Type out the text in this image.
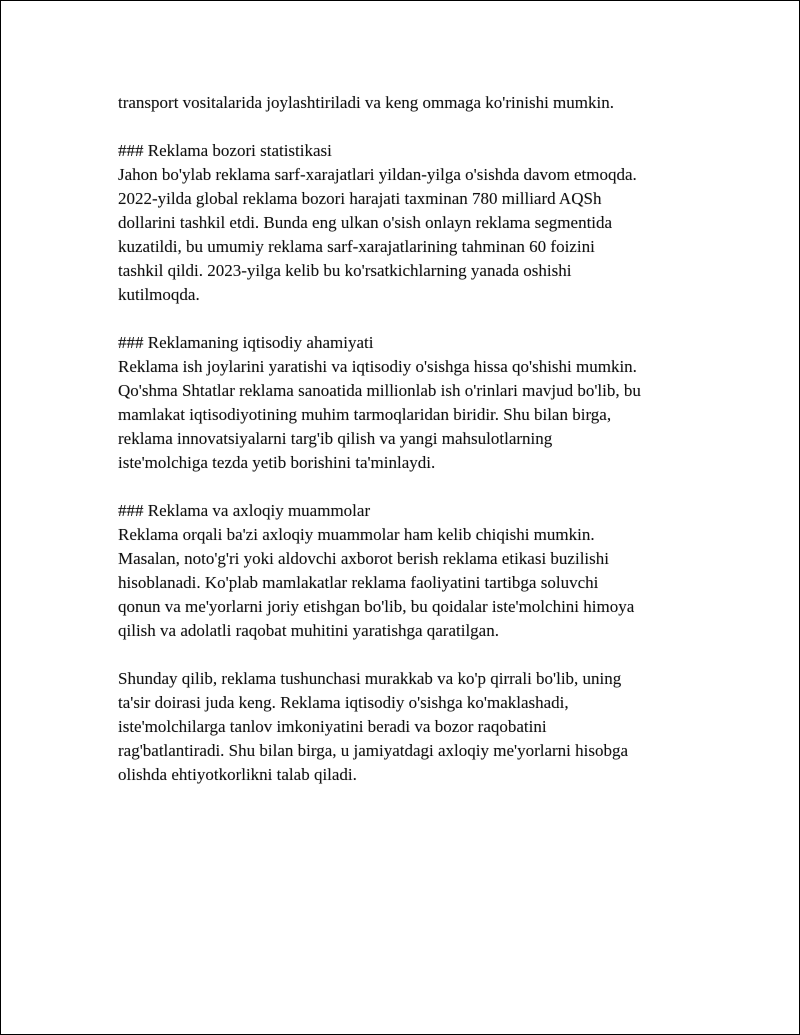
transport vositalarida joylashtiriladi va keng ommaga ko'rinishi mumkin.
### Reklama bozori statistikasi
Jahon bo'ylab reklama sarf-xarajatlari yildan-yilga o'sishda davom etmoqda.
2022-yilda global reklama bozori harajati taxminan 780 milliard AQSh
dollarini tashkil etdi. Bunda eng ulkan o'sish onlayn reklama segmentida
kuzatildi, bu umumiy reklama sarf-xarajatlarining tahminan 60 foizini
tashkil qildi. 2023-yilga kelib bu ko'rsatkichlarning yanada oshishi
kutilmoqda.
### Reklamaning iqtisodiy ahamiyati
Reklama ish joylarini yaratishi va iqtisodiy o'sishga hissa qo'shishi mumkin.
Qo'shma Shtatlar reklama sanoatida millionlab ish o'rinlari mavjud bo'lib, bu
mamlakat iqtisodiyotining muhim tarmoqlaridan biridir. Shu bilan birga,
reklama innovatsiyalarni targ'ib qilish va yangi mahsulotlarning
iste'molchiga tezda yetib borishini ta'minlaydi.
### Reklama va axloqiy muammolar
Reklama orqali ba'zi axloqiy muammolar ham kelib chiqishi mumkin.
Masalan, noto'g'ri yoki aldovchi axborot berish reklama etikasi buzilishi
hisoblanadi. Ko'plab mamlakatlar reklama faoliyatini tartibga soluvchi
qonun va me'yorlarni joriy etishgan bo'lib, bu qoidalar iste'molchini himoya
qilish va adolatli raqobat muhitini yaratishga qaratilgan.
Shunday qilib, reklama tushunchasi murakkab va ko'p qirrali bo'lib, uning
ta'sir doirasi juda keng. Reklama iqtisodiy o'sishga ko'maklashadi,
iste'molchilarga tanlov imkoniyatini beradi va bozor raqobatini
rag'batlantiradi. Shu bilan birga, u jamiyatdagi axloqiy me'yorlarni hisobga
olishda ehtiyotkorlikni talab qiladi.
